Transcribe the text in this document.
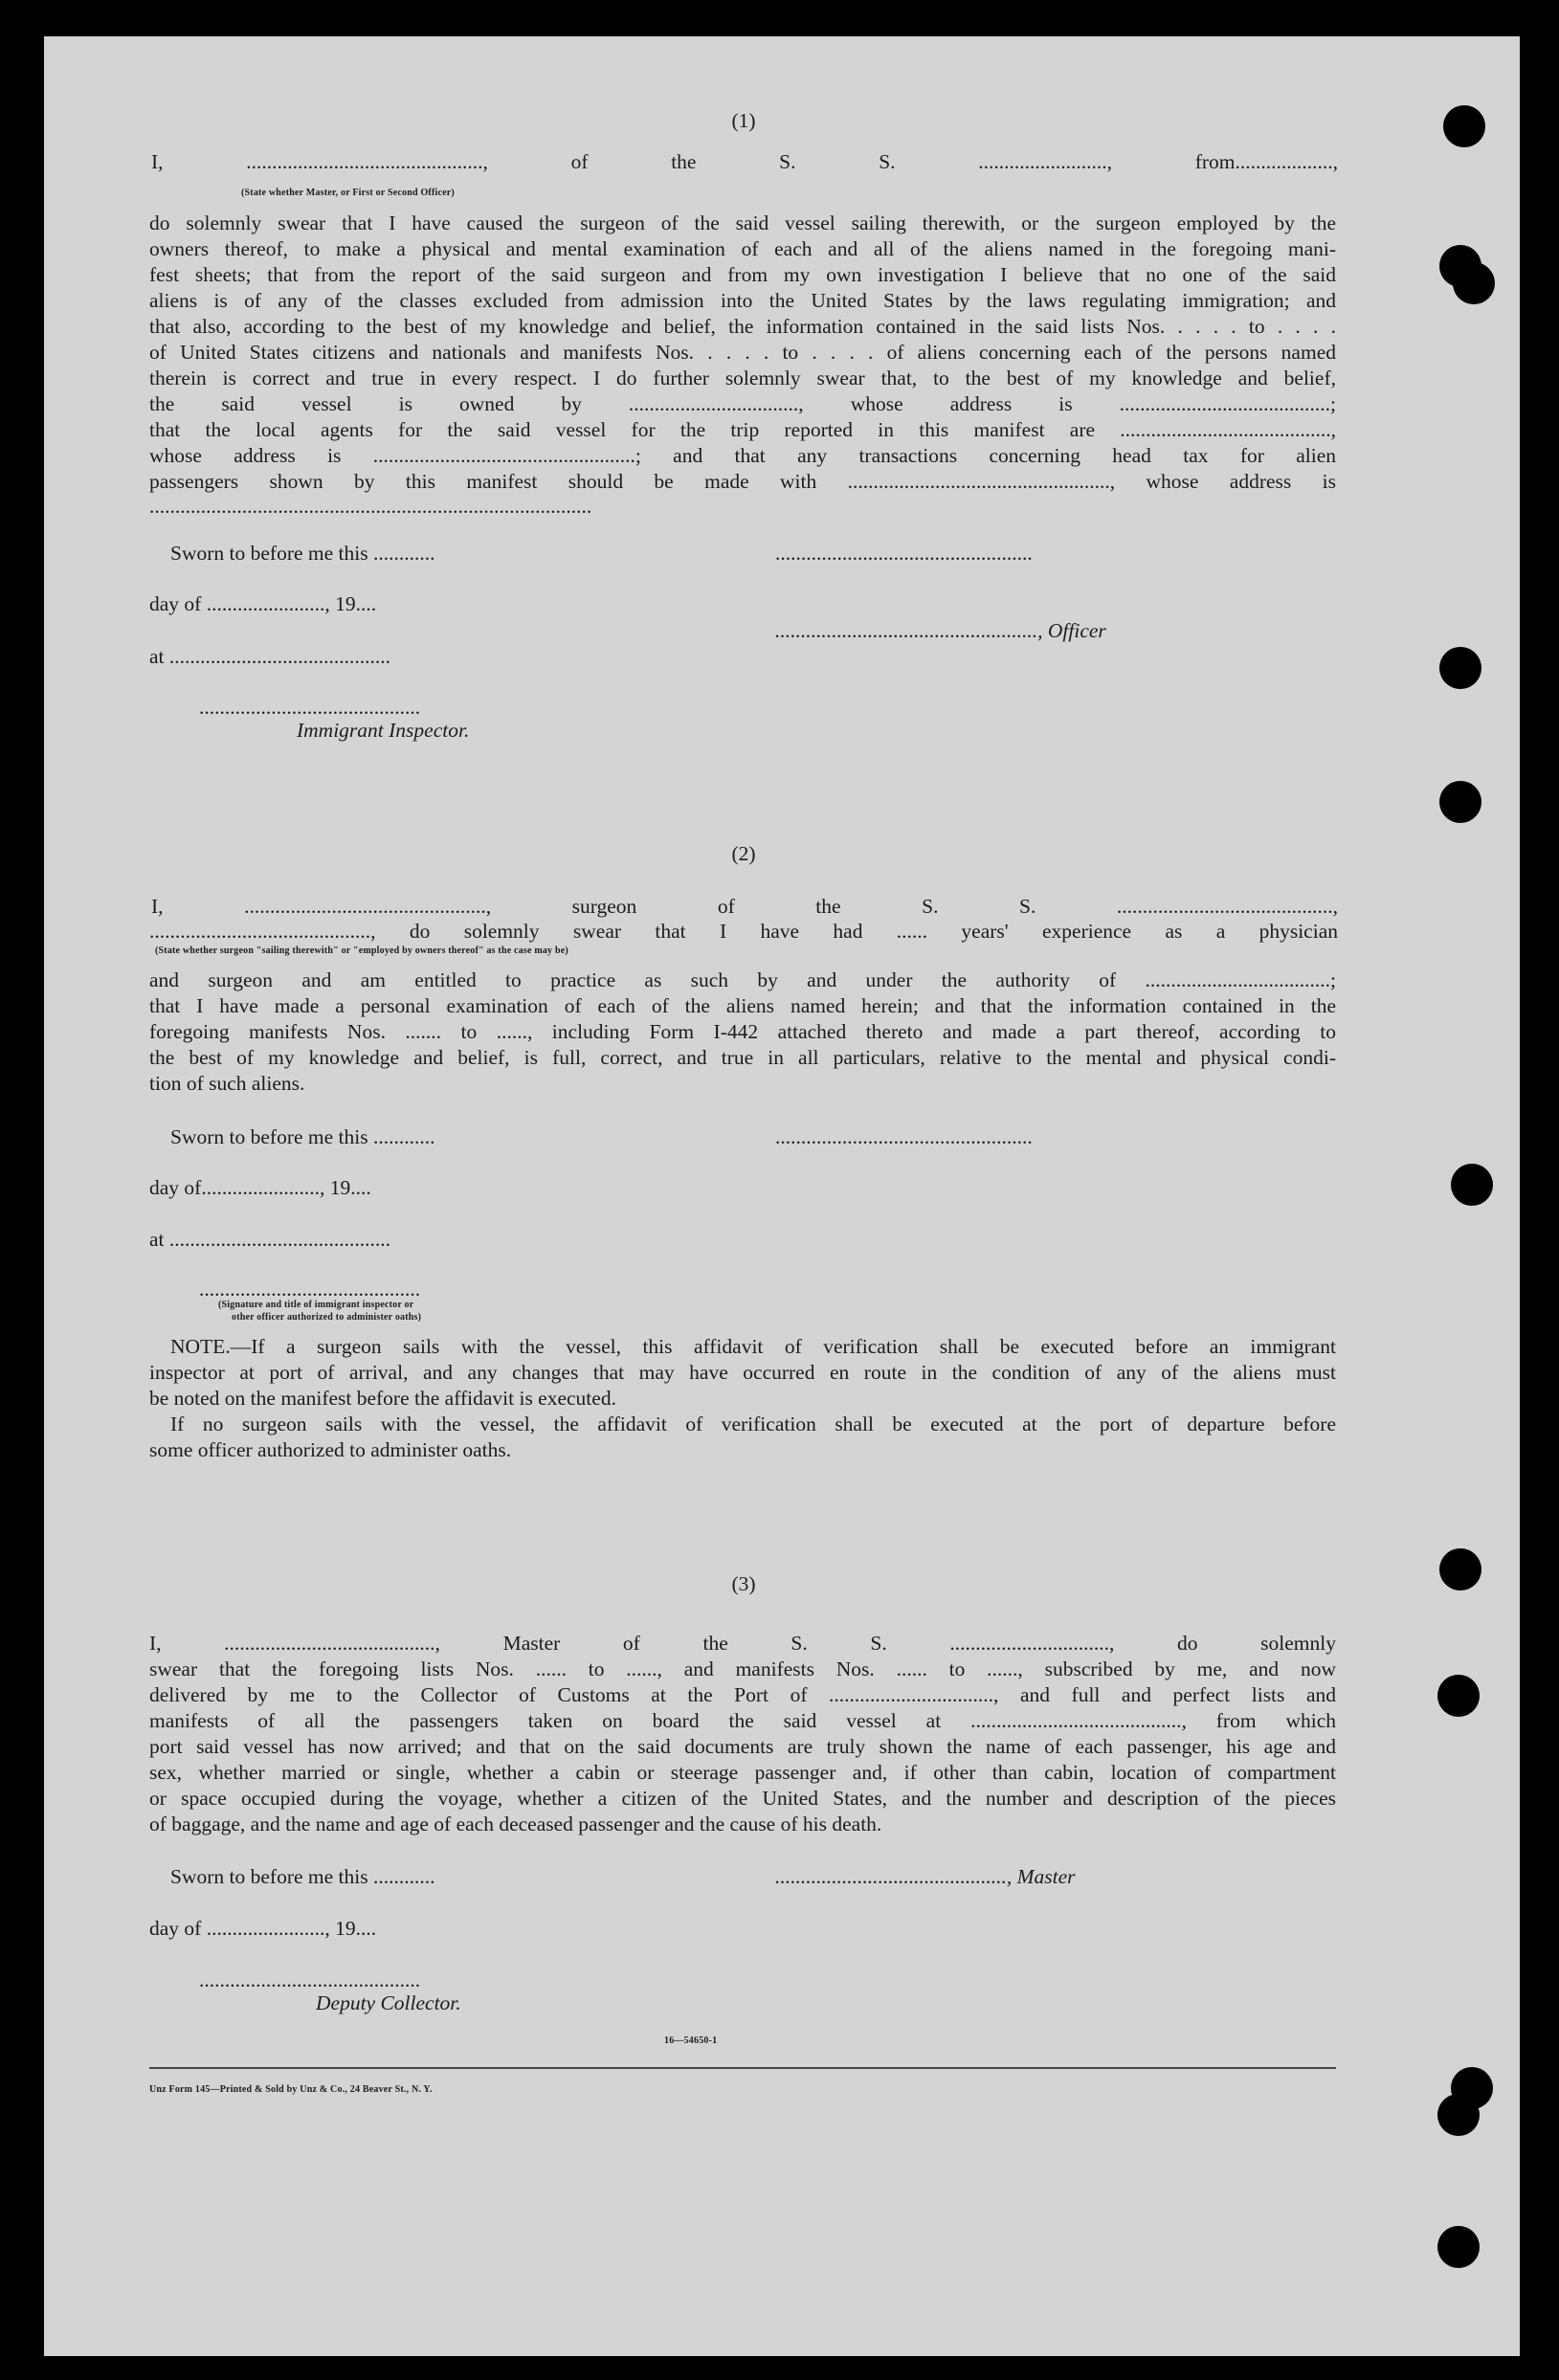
(1)
I, .............................................., of the S. S. ........................., from...................,
(State whether Master, or First or Second Officer)
do solemnly swear that I have caused the surgeon of the said vessel sailing therewith, or the surgeon employed by the
owners thereof, to make a physical and mental examination of each and all of the aliens named in the foregoing mani-
fest sheets; that from the report of the said surgeon and from my own investigation I believe that no one of the said
aliens is of any of the classes excluded from admission into the United States by the laws regulating immigration; and
that also, according to the best of my knowledge and belief, the information contained in the said lists Nos. . . . . to . . . .
of United States citizens and nationals and manifests Nos. . . . . to . . . . of aliens concerning each of the persons named
therein is correct and true in every respect. I do further solemnly swear that, to the best of my knowledge and belief,
the said vessel is owned by ................................., whose address is .........................................;
that the local agents for the said vessel for the trip reported in this manifest are .........................................,
whose address is ...................................................; and that any transactions concerning head tax for alien
passengers shown by this manifest should be made with ..................................................., whose address is
......................................................................................
Sworn to before me this ............	..................................................
day of ......................., 19....
..................................................., Officer
at ...........................................
...........................................
Immigrant Inspector.
(2)
I, ..............................................., surgeon of the S. S. ..........................................,
..........................................., do solemnly swear that I have had ...... years' experience as a physician
(State whether surgeon "sailing therewith" or "employed by owners thereof" as the case may be)
and surgeon and am entitled to practice as such by and under the authority of ....................................;
that I have made a personal examination of each of the aliens named herein; and that the information contained in the
foregoing manifests Nos. ....... to ......, including Form I-442 attached thereto and made a part thereof, according to
the best of my knowledge and belief, is full, correct, and true in all particulars, relative to the mental and physical condi-
tion of such aliens.
Sworn to before me this ............	..................................................
day of......................., 19....
at ...........................................
...........................................
(Signature and title of immigrant inspector or
other officer authorized to administer oaths)
NOTE.—If a surgeon sails with the vessel, this affidavit of verification shall be executed before an immigrant
inspector at port of arrival, and any changes that may have occurred en route in the condition of any of the aliens must
be noted on the manifest before the affidavit is executed.
If no surgeon sails with the vessel, the affidavit of verification shall be executed at the port of departure before
some officer authorized to administer oaths.
(3)
I, ........................................., Master of the S. S. ..............................., do solemnly
swear that the foregoing lists Nos. ...... to ......, and manifests Nos. ...... to ......, subscribed by me, and now
delivered by me to the Collector of Customs at the Port of ................................, and full and perfect lists and
manifests of all the passengers taken on board the said vessel at ........................................., from which
port said vessel has now arrived; and that on the said documents are truly shown the name of each passenger, his age and
sex, whether married or single, whether a cabin or steerage passenger and, if other than cabin, location of compartment
or space occupied during the voyage, whether a citizen of the United States, and the number and description of the pieces
of baggage, and the name and age of each deceased passenger and the cause of his death.
Sworn to before me this ............	............................................., Master
day of ......................., 19....
...........................................
Deputy Collector.
16—54650-1
Unz Form 145—Printed & Sold by Unz & Co., 24 Beaver St., N. Y.
